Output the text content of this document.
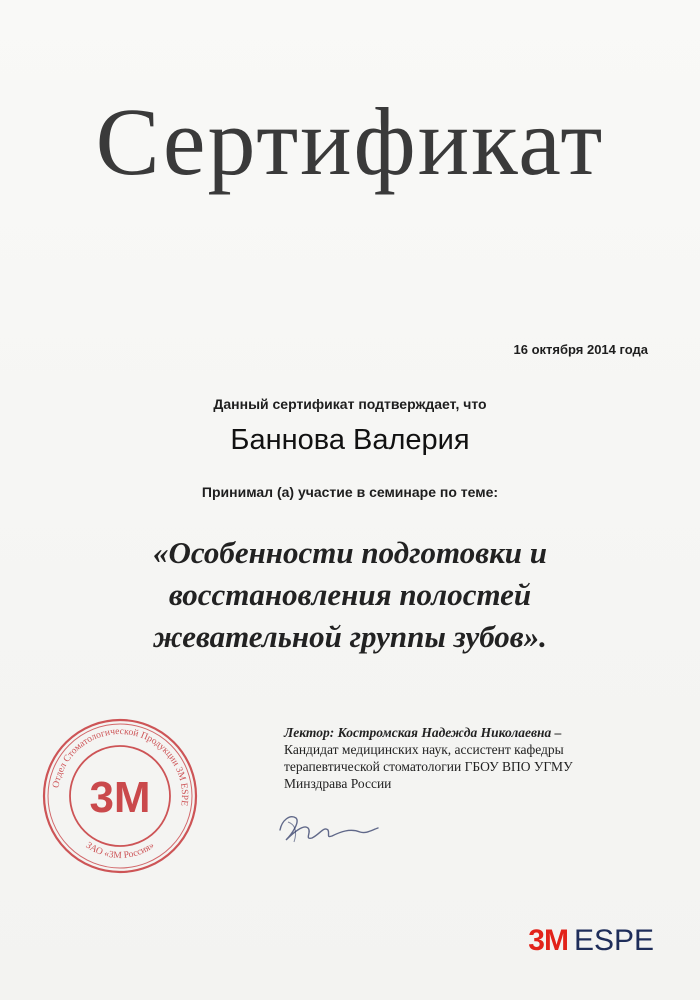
Сертификат
16 октября 2014 года
Данный сертификат подтверждает, что
Баннова Валерия
Принимал (а) участие в семинаре по теме:
«Особенности подготовки и
восстановления полостей
жевательной группы зубов».
Лектор: Костромская Надежда Николаевна –
Кандидат медицинских наук, ассистент кафедры
терапевтической стоматологии ГБОУ ВПО УГМУ
Минздрава России
Отдел Стоматологической Продукции 3М ESPE
ЗАО «3М Россия»
3M
3M ESPE
